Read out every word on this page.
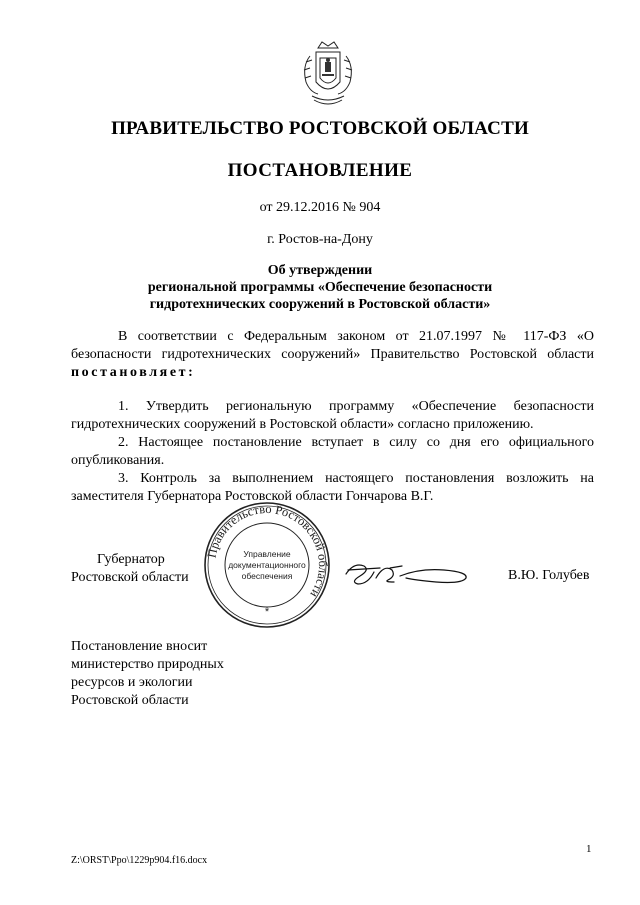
ПРАВИТЕЛЬСТВО РОСТОВСКОЙ ОБЛАСТИ
ПОСТАНОВЛЕНИЕ
от 29.12.2016 № 904
г. Ростов-на-Дону
Об утверждении
региональной программы «Обеспечение безопасности
гидротехнических сооружений в Ростовской области»
В соответствии с Федеральным законом от 21.07.1997 № 117-ФЗ «О безопасности гидротехнических сооружений» Правительство Ростовской области постановляет:
1. Утвердить региональную программу «Обеспечение безопасности гидротехнических сооружений в Ростовской области» согласно приложению.
2. Настоящее постановление вступает в силу со дня его официального опубликования.
3. Контроль за выполнением настоящего постановления возложить на заместителя Губернатора Ростовской области Гончарова В.Г.
Губернатор
Ростовской области
Правительство Ростовской области
Управление
документационного
обеспечения
*
В.Ю. Голубев
Постановление вносит
министерство природных
ресурсов и экологии
Ростовской области
1
Z:\ORST\Ppo\1229p904.f16.docx
